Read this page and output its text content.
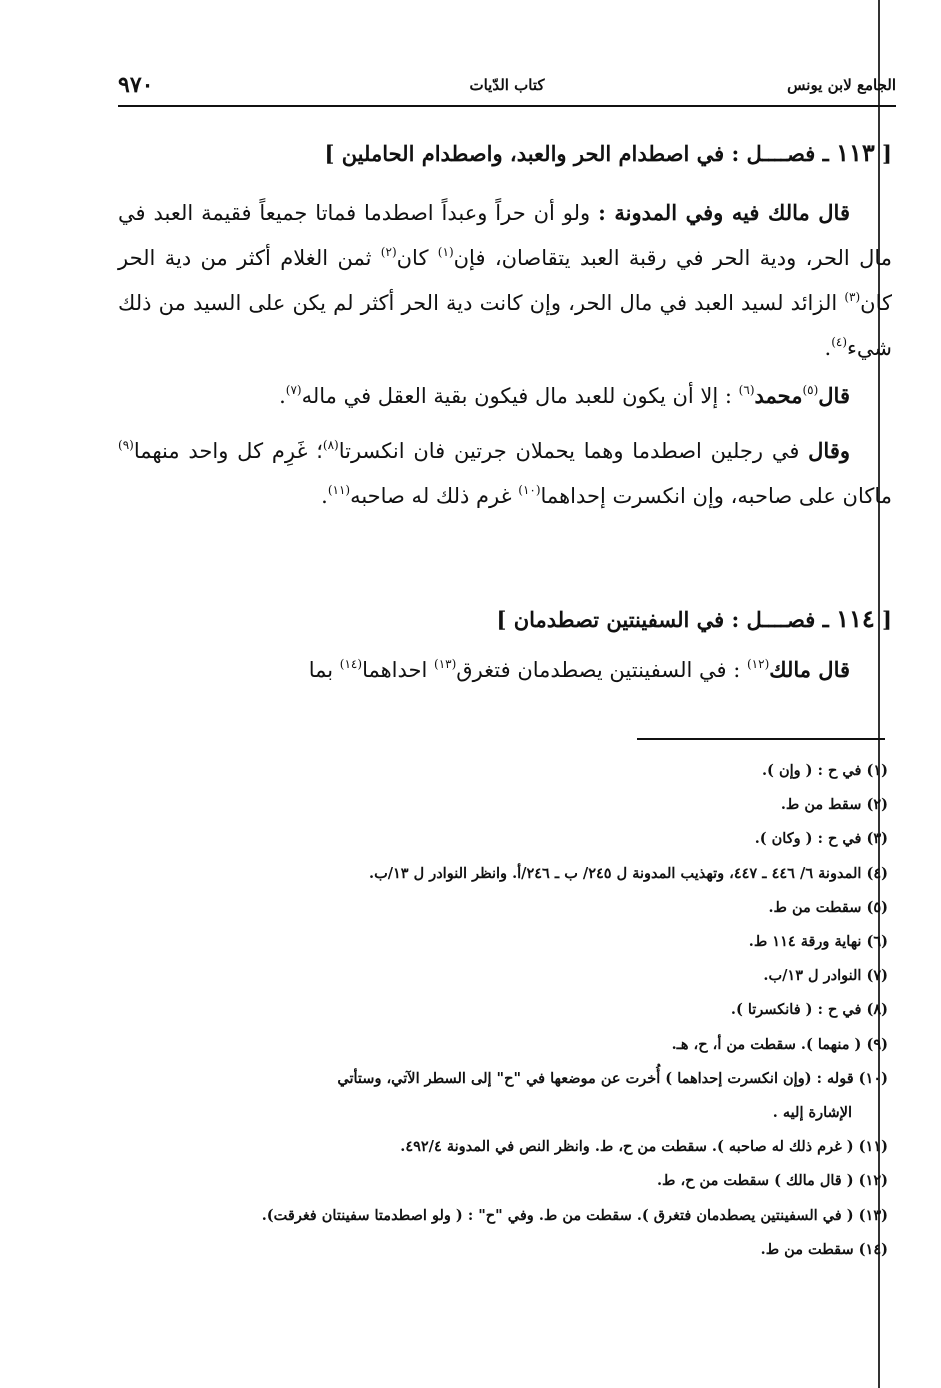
الجامع لابن يونس
كتاب الدّيات
٩٧٠
[ ١١٣ ـ فصــــل : في اصطدام الحر والعبد، واصطدام الحاملين ]
  قال مالك فيه وفي المدونة : ولو أن حراً وعبداً اصطدما فماتا جميعاً فقيمة العبد في مال الحر، ودية الحر في رقبة العبد يتقاصان، فإن$^{(١)}$ كان$^{(٢)}$ ثمن الغلام أكثر من دية الحر كان$^{(٣)}$ الزائد لسيد العبد في مال الحر، وإن كانت دية الحر أكثر لم يكن على السيد من ذلك شيء$^{(٤)}$.
  قال$^{(٥)}$محمد$^{(٦)}$ : إلا أن يكون للعبد مال فيكون بقية العقل في ماله$^{(٧)}$.
  وقال في رجلين اصطدما وهما يحملان جرتين فان انكسرتا$^{(٨)}$؛ غَرِم كل واحد منهما$^{(٩)}$ ماكان على صاحبه، وإن انكسرت إحداهما$^{(١٠)}$ غرم ذلك له صاحبه$^{(١١)}$.
[ ١١٤ ـ فصــــل : في السفينتين تصطدمان ]
  قال مالك$^{(١٢)}$ : في السفينتين يصطدمان فتغرق$^{(١٣)}$ احداهما$^{(١٤)}$ بما

(١) في ح : ( وإن ).

(٢) سقط من ط.

(٣) في ح : ( وكان ).

(٤) المدونة ٦/ ٤٤٦ ـ ٤٤٧، وتهذيب المدونة ل ٢٤٥/ ب ـ ٢٤٦/أ. وانظر النوادر ل ١٣/ب.

(٥) سقطت من ط.

(٦) نهاية ورقة ١١٤ ط.

(٧) النوادر ل ١٣/ب.

(٨) في ح : ( فانكسرتا ).

(٩) ( منهما ). سقطت من أ، ح، هـ.

(١٠) قوله : (وإن انكسرت إحداهما ) أُخرت عن موضعها في "ح" إلى السطر الآتي، وستأتي

الإشارة إليه .

(١١) ( غرم ذلك له صاحبه ). سقطت من ح، ط. وانظر النص في المدونة ٤٩٢/٤.

(١٢) ( قال مالك ) سقطت من ح، ط.

(١٣) ( في السفينتين يصطدمان فتغرق ). سقطت من ط. وفي "ح" : ( ولو اصطدمتا سفينتان فغرقت).

(١٤) سقطت من ط.
